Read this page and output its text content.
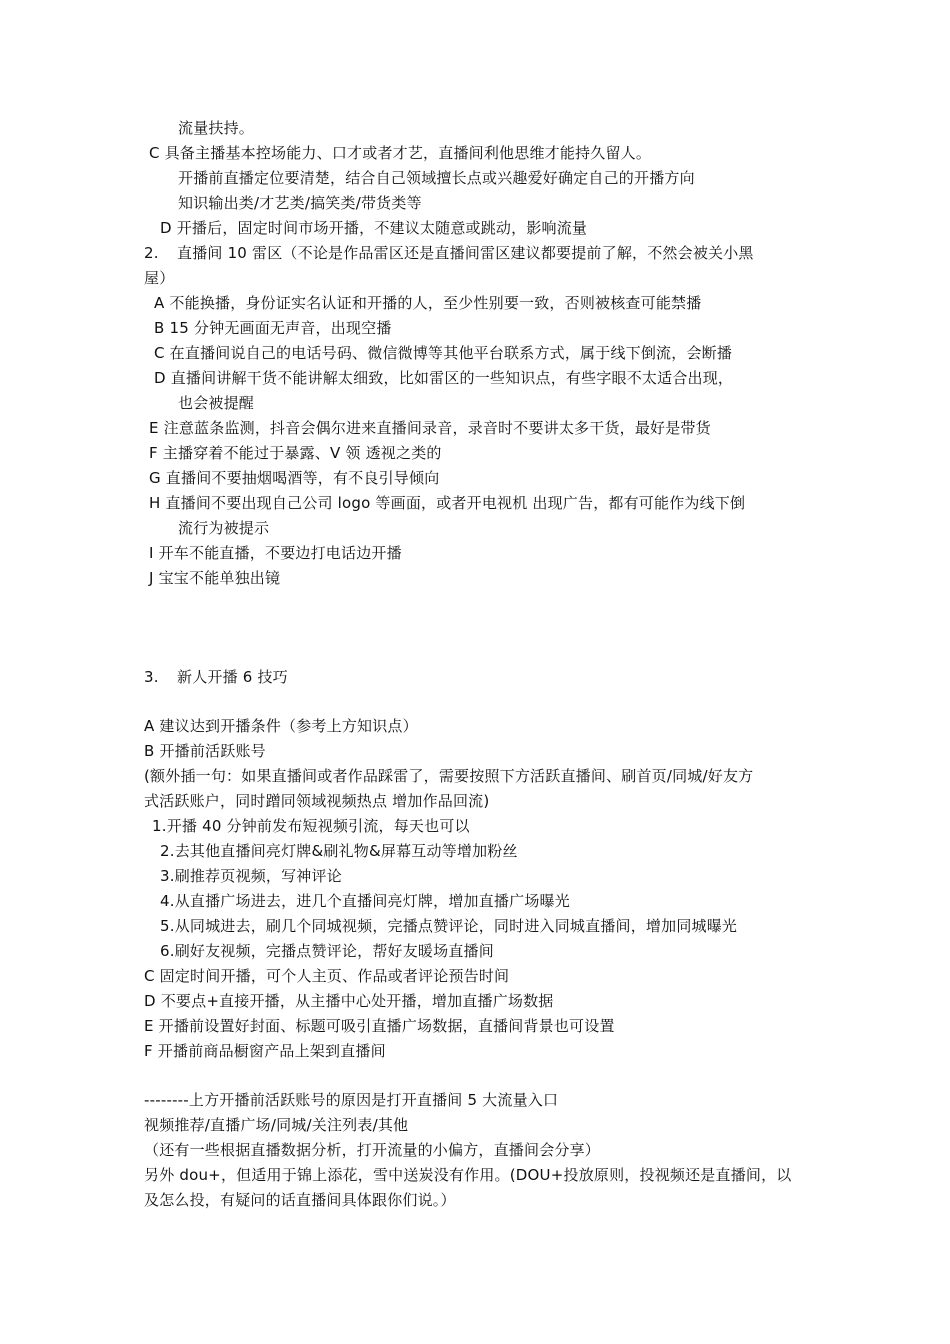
流量扶持。
C 具备主播基本控场能力、口才或者才艺，直播间利他思维才能持久留人。
开播前直播定位要清楚，结合自己领域擅长点或兴趣爱好确定自己的开播方向
知识输出类/才艺类/搞笑类/带货类等
D 开播后，固定时间市场开播，不建议太随意或跳动，影响流量
2. 直播间 10 雷区（不论是作品雷区还是直播间雷区建议都要提前了解，不然会被关小黑
屋）
A 不能换播，身份证实名认证和开播的人，至少性别要一致，否则被核查可能禁播
B 15 分钟无画面无声音，出现空播
C 在直播间说自己的电话号码、微信微博等其他平台联系方式，属于线下倒流，会断播
D 直播间讲解干货不能讲解太细致，比如雷区的一些知识点，有些字眼不太适合出现，
也会被提醒
E 注意蓝条监测，抖音会偶尔进来直播间录音，录音时不要讲太多干货，最好是带货
F 主播穿着不能过于暴露、V 领 透视之类的
G 直播间不要抽烟喝酒等，有不良引导倾向
H 直播间不要出现自己公司 logo 等画面，或者开电视机 出现广告，都有可能作为线下倒
流行为被提示
I 开车不能直播，不要边打电话边开播
J 宝宝不能单独出镜
3. 新人开播 6 技巧
A 建议达到开播条件（参考上方知识点）
B 开播前活跃账号
(额外插一句：如果直播间或者作品踩雷了，需要按照下方活跃直播间、刷首页/同城/好友方
式活跃账户，同时蹭同领域视频热点 增加作品回流)
1.开播 40 分钟前发布短视频引流，每天也可以
2.去其他直播间亮灯牌&刷礼物&屏幕互动等增加粉丝
3.刷推荐页视频，写神评论
4.从直播广场进去，进几个直播间亮灯牌，增加直播广场曝光
5.从同城进去，刷几个同城视频，完播点赞评论，同时进入同城直播间，增加同城曝光
6.刷好友视频，完播点赞评论，帮好友暖场直播间
C 固定时间开播，可个人主页、作品或者评论预告时间
D 不要点+直接开播，从主播中心处开播，增加直播广场数据
E 开播前设置好封面、标题可吸引直播广场数据，直播间背景也可设置
F 开播前商品橱窗产品上架到直播间
--------上方开播前活跃账号的原因是打开直播间 5 大流量入口
视频推荐/直播广场/同城/关注列表/其他
（还有一些根据直播数据分析，打开流量的小偏方，直播间会分享）
另外 dou+，但适用于锦上添花，雪中送炭没有作用。(DOU+投放原则，投视频还是直播间，以
及怎么投，有疑问的话直播间具体跟你们说。）
